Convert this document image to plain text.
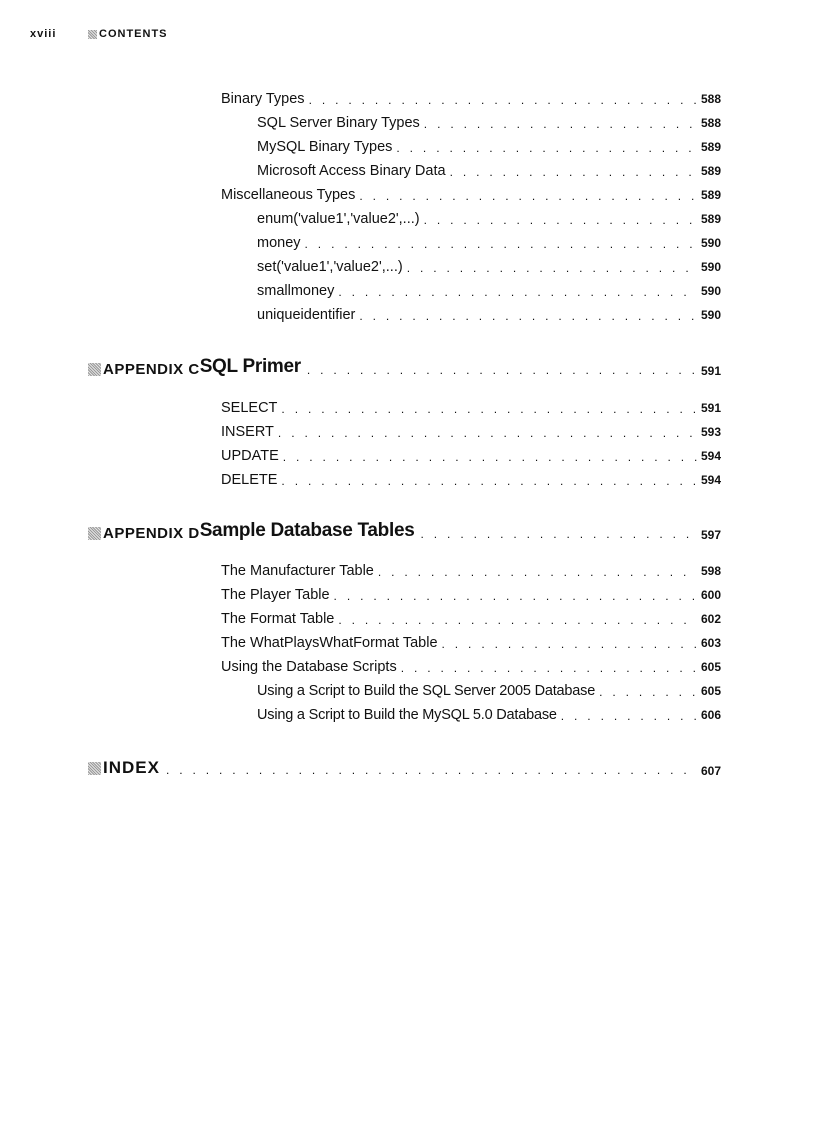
xviii	CONTENTS
Binary Types . . .	588
SQL Server Binary Types . . .	588
MySQL Binary Types . . .	589
Microsoft Access Binary Data . . .	589
Miscellaneous Types . . .	589
enum('value1','value2',...) . . .	589
money . . .	590
set('value1','value2',...) . . .	590
smallmoney . . .	590
uniqueidentifier . . .	590
APPENDIX C SQL Primer . . .	591
SELECT . . .	591
INSERT . . .	593
UPDATE . . .	594
DELETE . . .	594
APPENDIX D Sample Database Tables . . .	597
The Manufacturer Table . . .	598
The Player Table . . .	600
The Format Table . . .	602
The WhatPlaysWhatFormat Table . . .	603
Using the Database Scripts . . .	605
Using a Script to Build the SQL Server 2005 Database . . .	605
Using a Script to Build the MySQL 5.0 Database . . .	606
INDEX . . .	607
